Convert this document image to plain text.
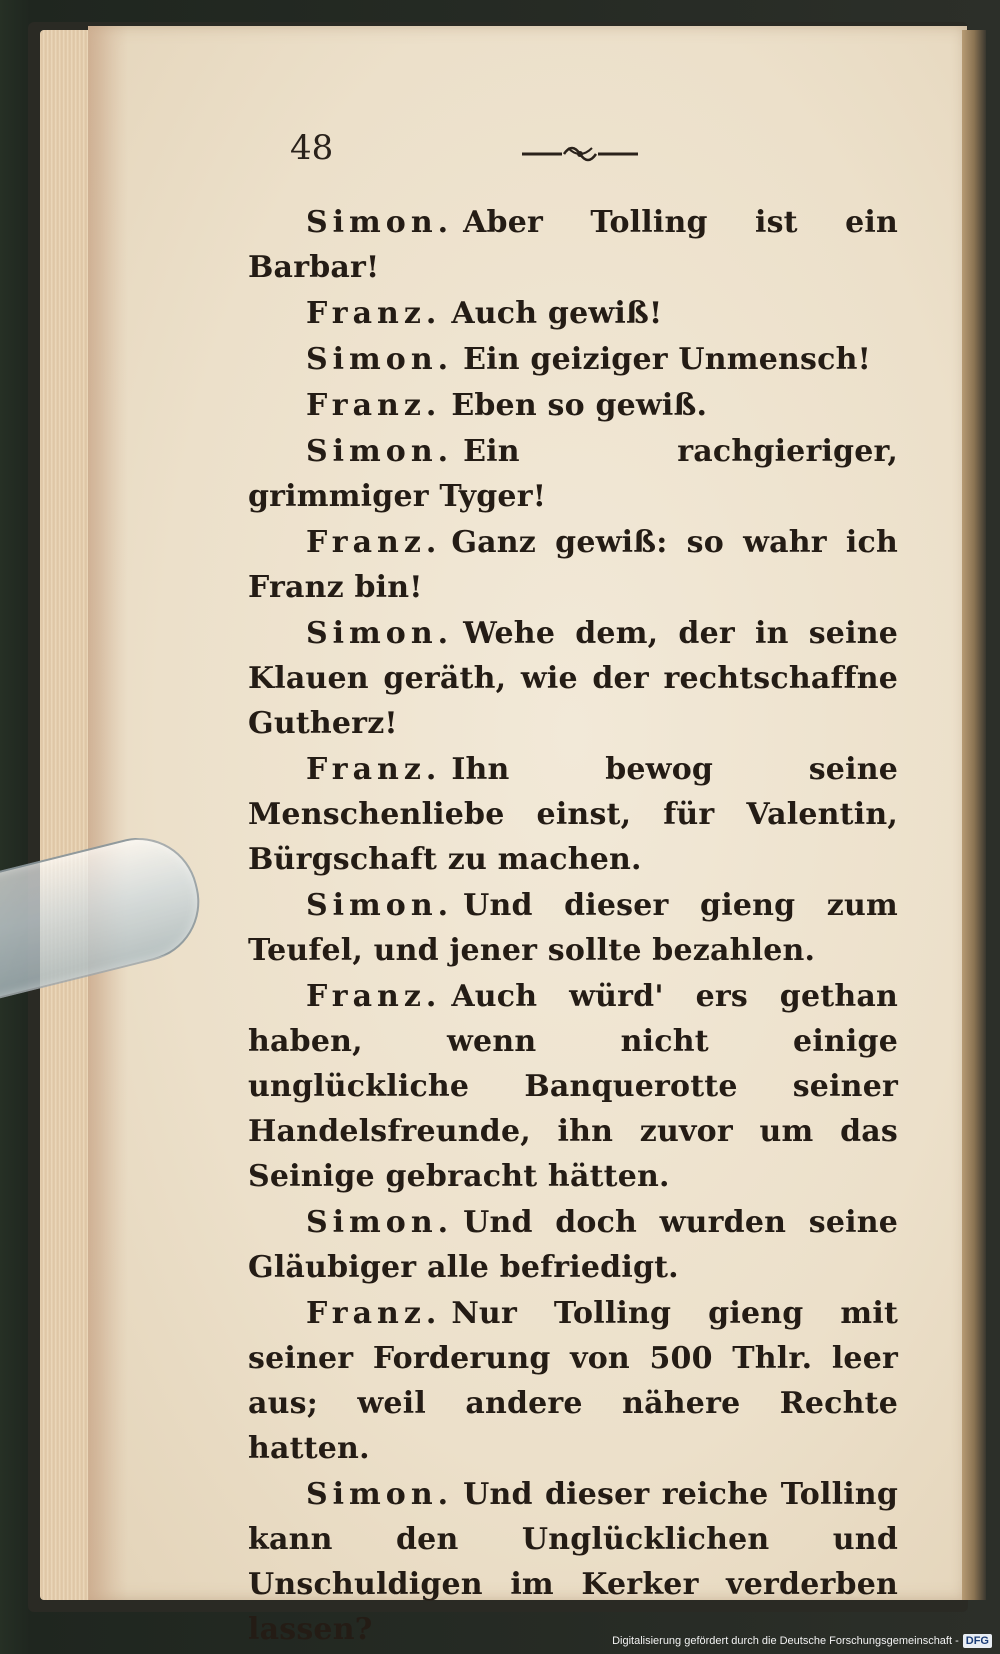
48

Simon. Aber Tolling ist ein Barbar!

Franz. Auch gewiß!

Simon. Ein geiziger Unmensch!

Franz. Eben so gewiß.

Simon. Ein rachgieriger, grimmiger Tyger!

Franz. Ganz gewiß: so wahr ich Franz bin!

Simon. Wehe dem, der in seine Klauen geräth, wie der rechtschaffne Gutherz!

Franz. Ihn bewog seine Menschenliebe einst, für Valentin, Bürgschaft zu machen.

Simon. Und dieser gieng zum Teufel, und jener sollte bezahlen.

Franz. Auch würd' ers gethan haben, wenn nicht einige unglückliche Banquerotte seiner Handelsfreunde, ihn zuvor um das Seinige gebracht hätten.

Simon. Und doch wurden seine Gläubiger alle befriedigt.

Franz. Nur Tolling gieng mit seiner Forderung von 500 Thlr. leer aus; weil andere nähere Rechte hatten.

Simon. Und dieser reiche Tolling kann den Unglücklichen und Unschuldigen im Kerker verderben lassen?	Digitalisierung gefördert durch die Deutsche Forschungsgemeinschaft - DFG
